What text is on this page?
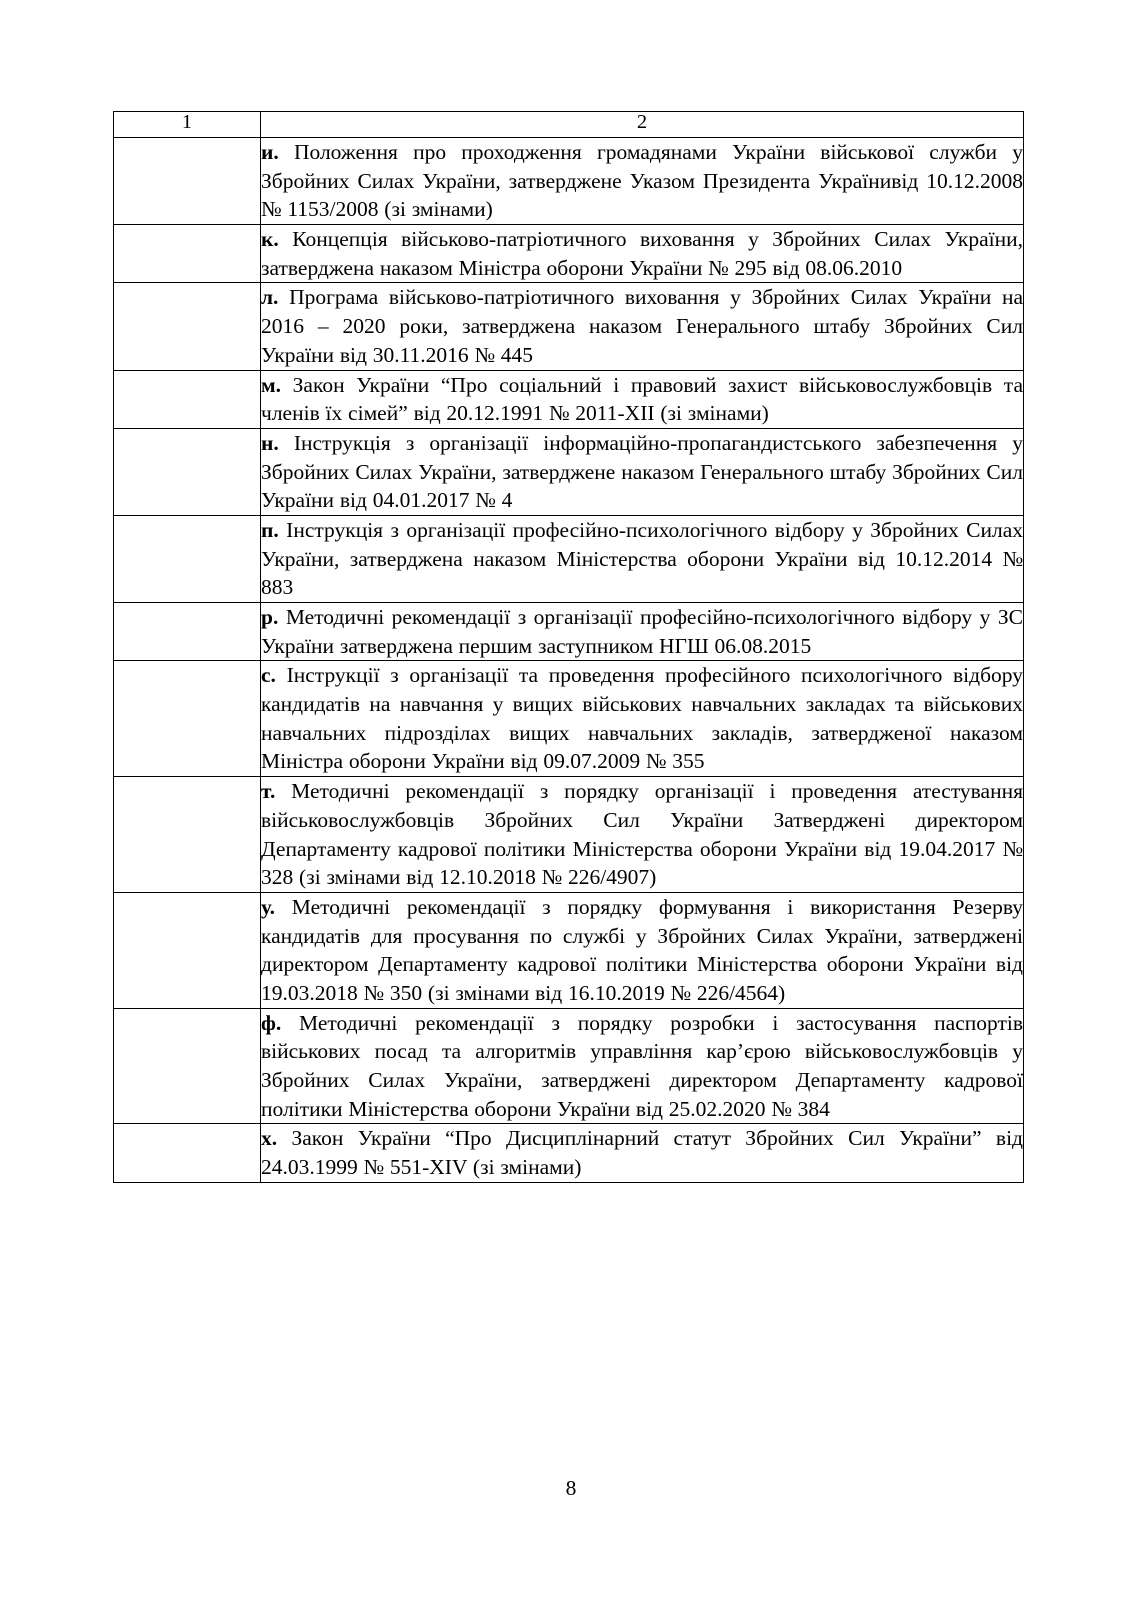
1	2
	и. Положення про проходження громадянами України військової служби у Збройних Силах України, затверджене Указом Президента Українивід 10.12.2008 № 1153/2008 (зі змінами)
	к. Концепція військово-патріотичного виховання у Збройних Силах України, затверджена наказом Міністра оборони України № 295 від 08.06.2010
	л. Програма військово-патріотичного виховання у Збройних Силах України на 2016 – 2020 роки, затверджена наказом Генерального штабу Збройних Сил України від 30.11.2016 № 445
	м. Закон України “Про соціальний і правовий захист військовослужбовців та членів їх сімей” від 20.12.1991 № 2011-ХІІ (зі змінами)
	н. Інструкція з організації інформаційно-пропагандистського забезпечення у Збройних Силах України, затверджене наказом Генерального штабу Збройних Сил України від 04.01.2017 № 4
	п. Інструкція з організації професійно-психологічного відбору у Збройних Силах України, затверджена наказом Міністерства оборони України від 10.12.2014 № 883
	р. Методичні рекомендації з організації професійно-психологічного відбору у ЗС України затверджена першим заступником НГШ 06.08.2015
	с. Інструкції з організації та проведення професійного психологічного відбору кандидатів на навчання у вищих військових навчальних закладах та військових навчальних підрозділах вищих навчальних закладів, затвердженої наказом Міністра оборони України від 09.07.2009 № 355
	т. Методичні рекомендації з порядку організації і проведення атестування військовослужбовців Збройних Сил України Затверджені директором Департаменту кадрової політики Міністерства оборони України від 19.04.2017 № 328 (зі змінами від 12.10.2018 № 226/4907)
	у. Методичні рекомендації з порядку формування і використання Резерву кандидатів для просування по службі у Збройних Силах України, затверджені директором Департаменту кадрової політики Міністерства оборони України від 19.03.2018 № 350 (зі змінами від 16.10.2019 № 226/4564)
	ф. Методичні рекомендації з порядку розробки і застосування паспортів військових посад та алгоритмів управління кар’єрою військовослужбовців у Збройних Силах України, затверджені директором Департаменту кадрової політики Міністерства оборони України від 25.02.2020 № 384
	х. Закон України “Про Дисциплінарний статут Збройних Сил України” від 24.03.1999 № 551-ХIV (зі змінами)
8
